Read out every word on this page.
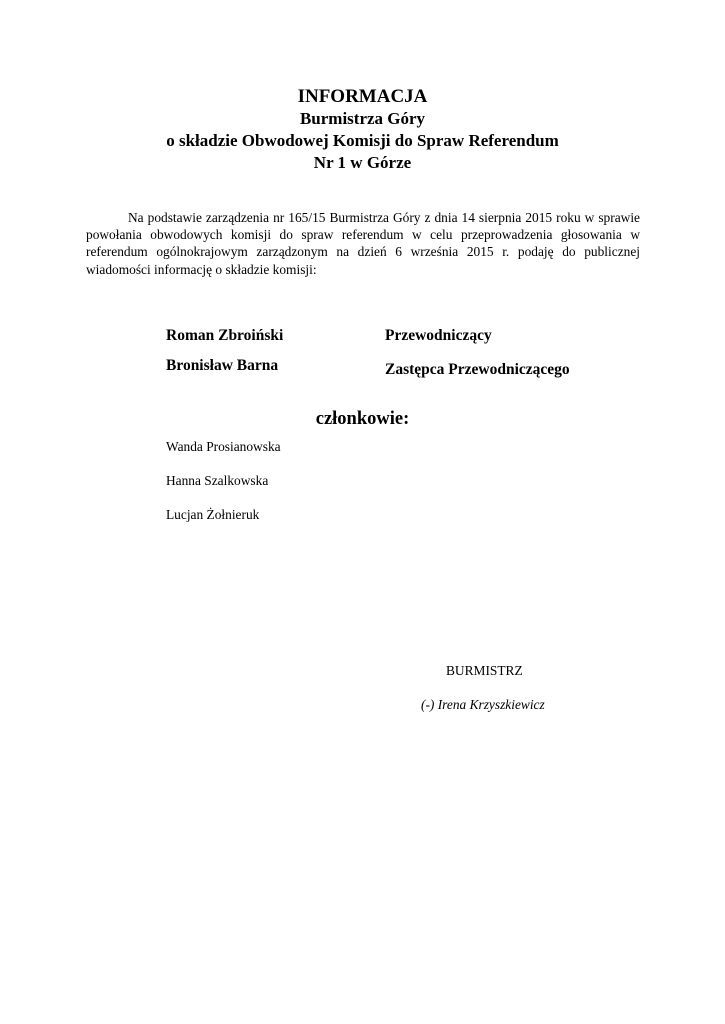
INFORMACJA
Burmistrza Góry
o składzie Obwodowej Komisji do Spraw Referendum
Nr 1 w Górze

Na podstawie zarządzenia nr 165/15 Burmistrza Góry z dnia 14 sierpnia 2015 roku w sprawie powołania obwodowych komisji do spraw referendum w celu przeprowadzenia głosowania w referendum ogólnokrajowym zarządzonym na dzień 6 września 2015 r. podaję do publicznej wiadomości informację o składzie komisji:

Roman Zbroiński	Przewodniczący
Bronisław Barna	Zastępca Przewodniczącego
członkowie:
Wanda Prosianowska
Hanna Szalkowska
Lucjan Żołnieruk
BURMISTRZ
(-) Irena Krzyszkiewicz
